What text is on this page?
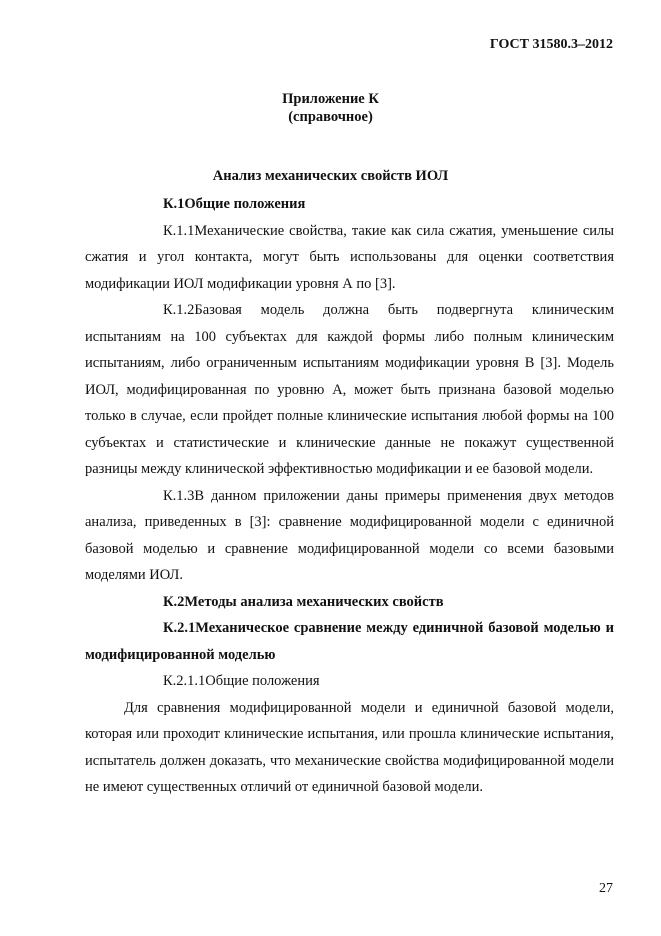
ГОСТ 31580.3–2012
Приложение К
(справочное)
Анализ механических свойств ИОЛ

К.1Общие положения

К.1.1Механические свойства, такие как сила сжатия, уменьшение силы сжатия и угол контакта, могут быть использованы для оценки соответствия модификации ИОЛ модификации уровня А по [3].

К.1.2Базовая модель должна быть подвергнута клиническим испытаниям на 100 субъектах для каждой формы либо полным клиническим испытаниям, либо ограниченным испытаниям модификации уровня В [3]. Модель ИОЛ, модифицированная по уровню А, может быть признана базовой моделью только в случае, если пройдет полные клинические испытания любой формы на 100 субъектах и статистические и клинические данные не покажут существенной разницы между клинической эффективностью модификации и ее базовой модели.

К.1.3В данном приложении даны примеры применения двух методов анализа, приведенных в [3]: сравнение модифицированной модели с единичной базовой моделью и сравнение модифицированной модели со всеми базовыми моделями ИОЛ.

К.2Методы анализа механических свойств

К.2.1Механическое сравнение между единичной базовой моделью и модифицированной моделью

К.2.1.1Общие положения

Для сравнения модифицированной модели и единичной базовой модели, которая или проходит клинические испытания, или прошла клинические испытания, испытатель должен доказать, что механические свойства модифицированной модели не имеют существенных отличий от единичной базовой модели.

27
